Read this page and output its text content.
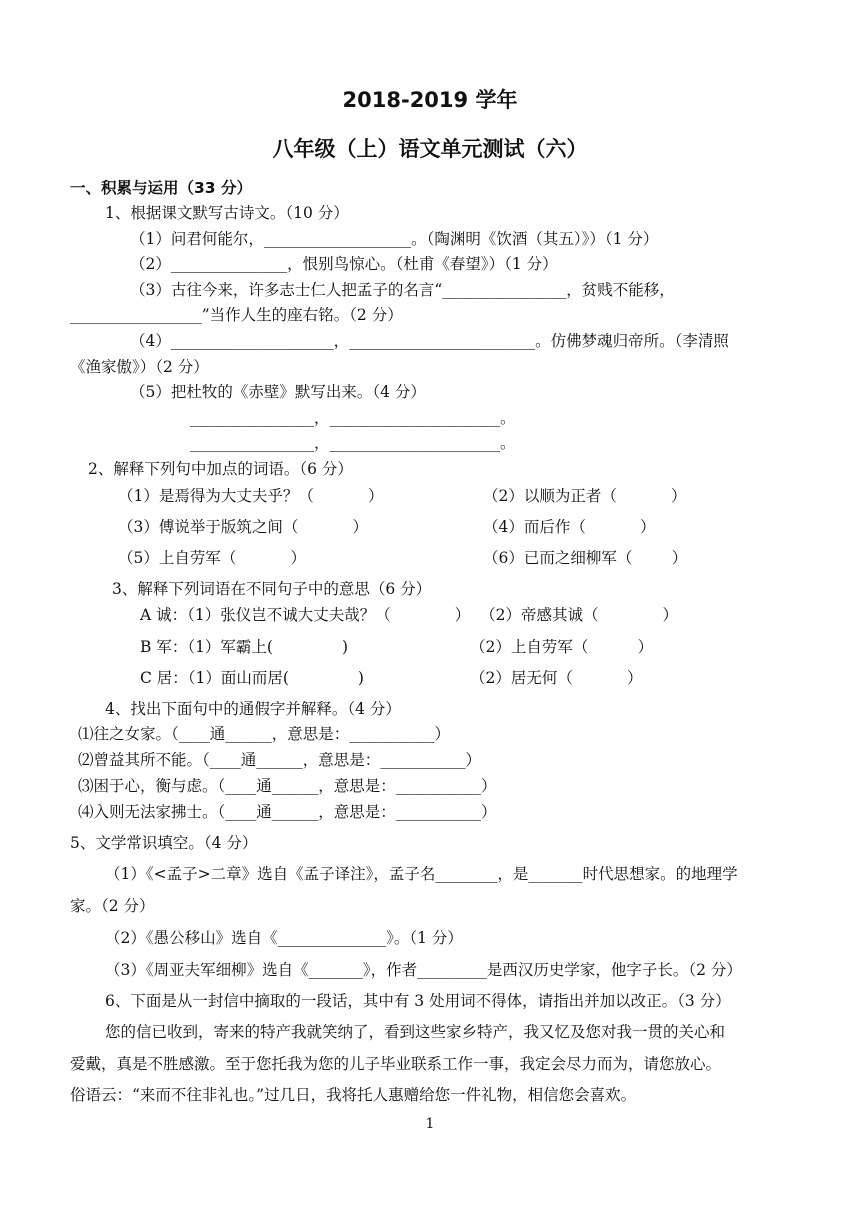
2018-2019 学年
八年级（上）语文单元测试（六）
一、积累与运用（33 分）
1、根据课文默写古诗文。（10 分）
（1）问君何能尔，___________________。（陶渊明《饮酒（其五）》）（1 分）
（2）_______________，恨别鸟惊心。（杜甫《春望》）（1 分）
（3）古往今来，许多志士仁人把孟子的名言“________________，贫贱不能移，
_________________”当作人生的座右铭。（2 分）
（4）_____________________，________________________。仿佛梦魂归帝所。（李清照
《渔家傲》）（2 分）
（5）把杜牧的《赤壁》默写出来。（4 分）
________________，______________________。
________________，______________________。
2、解释下列句中加点的词语。（6 分）
（1）是焉得为大丈夫乎？（           ）	（2）以顺为正者（           ）
（3）傅说举于版筑之间（           ）	（4）而后作（           ）
（5）上自劳军（           ）	（6）已而之细柳军（        ）
3、解释下列词语在不同句子中的意思（6 分）
A 诚：（1）张仪岂不诚大丈夫哉？（             ）  （2）帝感其诚（             ）
B 军：（1）军霸上(              )	（2）上自劳军（          ）
C 居：（1）面山而居(              )	（2）居无何（           ）
4、找出下面句中的通假字并解释。（4 分）
⑴往之女家。（____通______，意思是：___________）
⑵曾益其所不能。（____通______，意思是：___________）
⑶困于心，衡与虑。（____通______，意思是：___________）
⑷入则无法家拂士。（____通______，意思是：___________）
5、文学常识填空。（4 分）
（1）《<孟子>二章》选自《孟子译注》，孟子名________，是_______时代思想家。的地理学
家。（2 分）
（2）《愚公移山》选自《______________》。（1 分）
（3）《周亚夫军细柳》选自《_______》，作者_________是西汉历史学家，他字子长。（2 分）
6、下面是从一封信中摘取的一段话，其中有 3 处用词不得体，请指出并加以改正。（3 分）
您的信已收到，寄来的特产我就笑纳了，看到这些家乡特产，我又忆及您对我一贯的关心和
爱戴，真是不胜感激。至于您托我为您的儿子毕业联系工作一事，我定会尽力而为，请您放心。
俗语云：“来而不往非礼也。”过几日，我将托人惠赠给您一件礼物，相信您会喜欢。
1
